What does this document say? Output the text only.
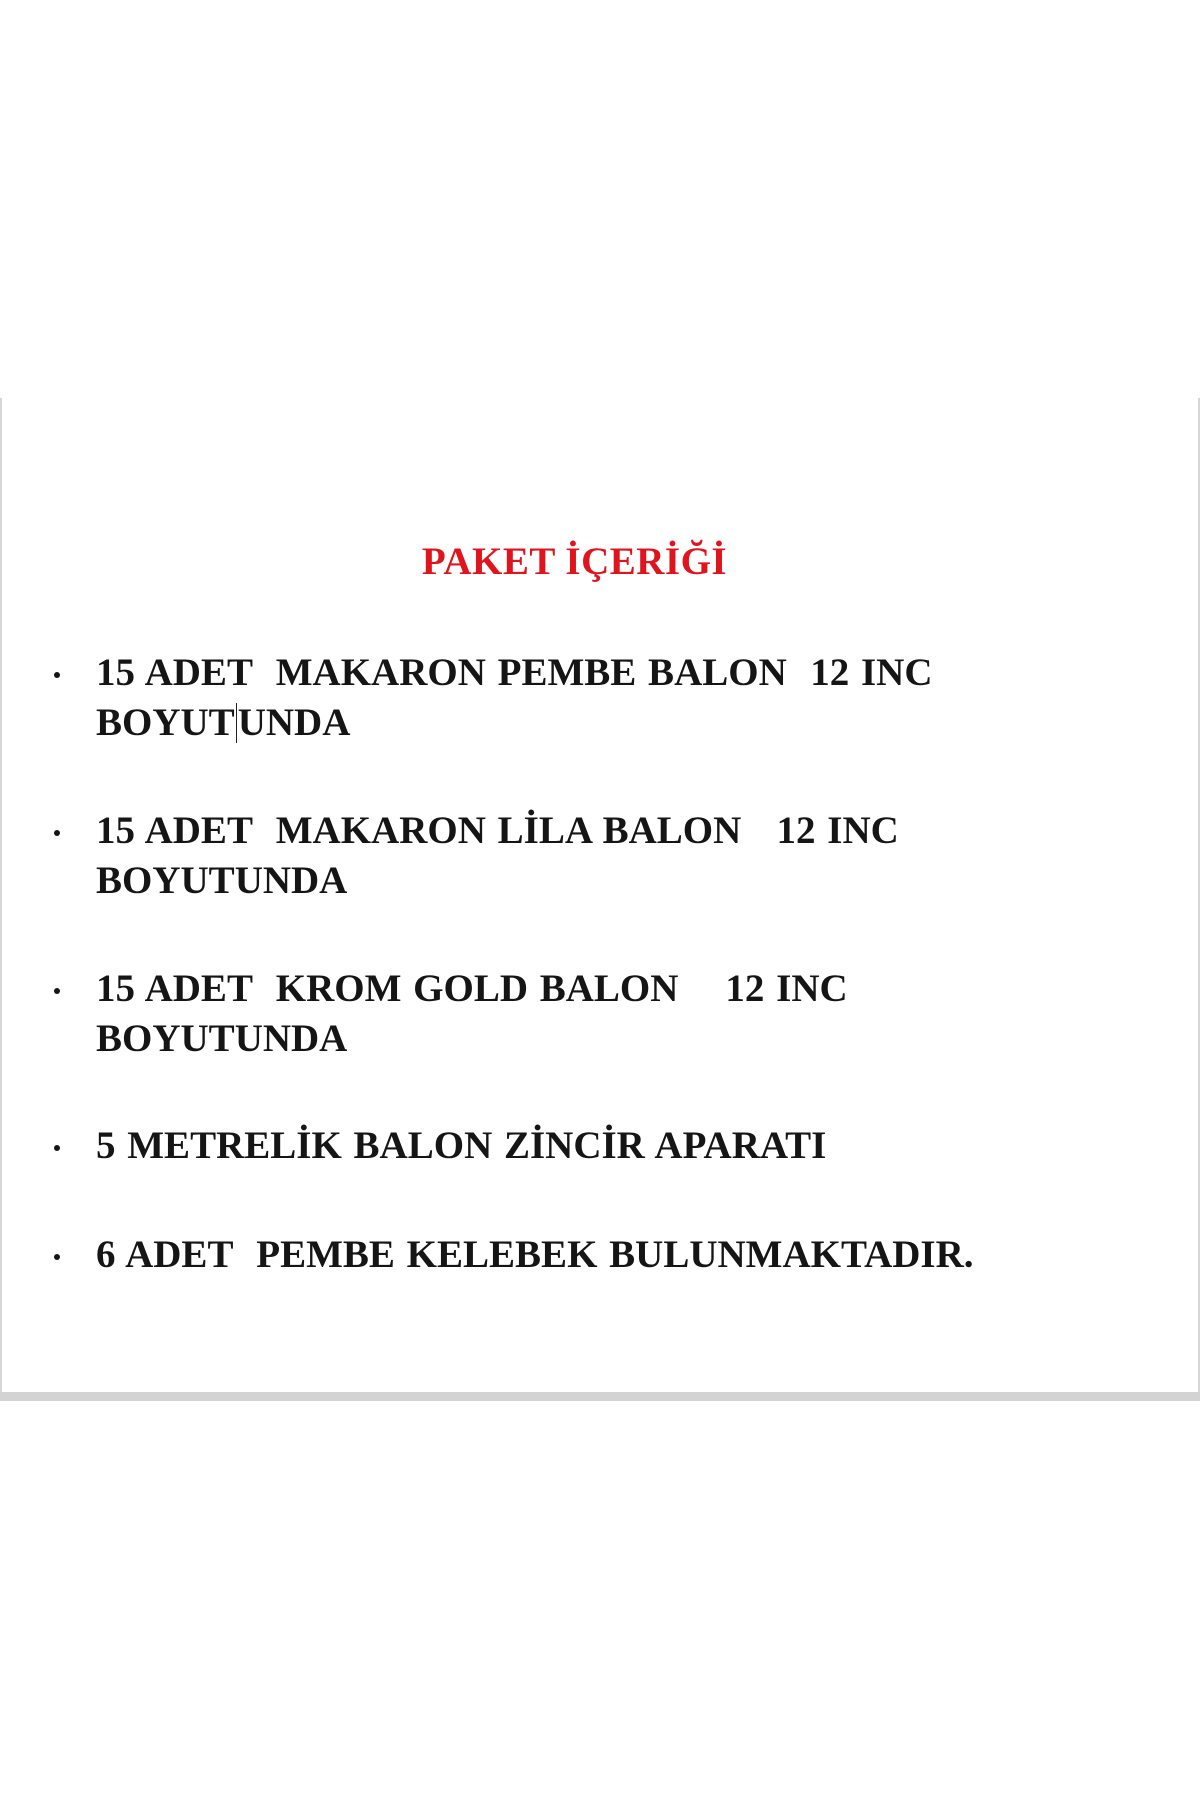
PAKET İÇERİĞİ
15 ADET  MAKARON PEMBE BALON  12 INC
BOYUTUNDA
15 ADET  MAKARON LİLA BALON   12 INC
BOYUTUNDA
15 ADET  KROM GOLD BALON    12 INC
BOYUTUNDA
5 METRELİK BALON ZİNCİR APARATI
6 ADET  PEMBE KELEBEK BULUNMAKTADIR.
